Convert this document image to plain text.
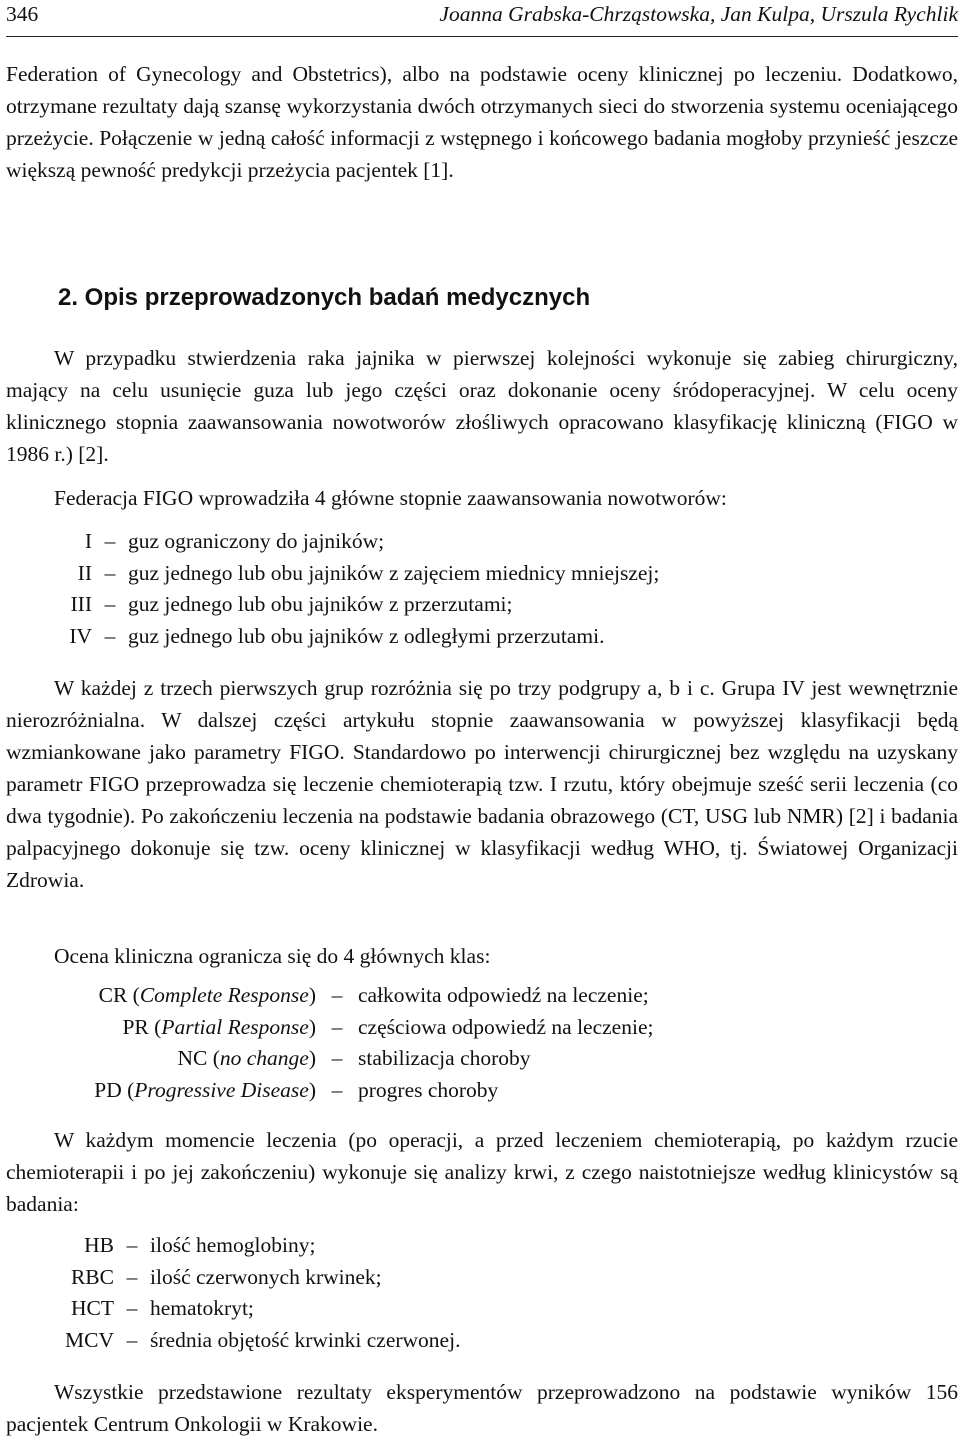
346	Joanna Grabska-Chrząstowska, Jan Kulpa, Urszula Rychlik

Federation of Gynecology and Obstetrics), albo na podstawie oceny klinicznej po leczeniu. Dodatkowo, otrzymane rezultaty dają szansę wykorzystania dwóch otrzymanych sieci do stworzenia systemu oceniającego przeżycie. Połączenie w jedną całość informacji z wstępnego i końcowego badania mogłoby przynieść jeszcze większą pewność predykcji przeżycia pacjentek [1].

2. Opis przeprowadzonych badań medycznych

W przypadku stwierdzenia raka jajnika w pierwszej kolejności wykonuje się zabieg chirurgiczny, mający na celu usunięcie guza lub jego części oraz dokonanie oceny śródoperacyjnej. W celu oceny klinicznego stopnia zaawansowania nowotworów złośliwych opracowano klasyfikację kliniczną (FIGO w 1986 r.) [2].

Federacja FIGO wprowadziła 4 główne stopnie zaawansowania nowotworów:

I – guz ograniczony do jajników;
II – guz jednego lub obu jajników z zajęciem miednicy mniejszej;
III – guz jednego lub obu jajników z przerzutami;
IV – guz jednego lub obu jajników z odległymi przerzutami.

W każdej z trzech pierwszych grup rozróżnia się po trzy podgrupy a, b i c. Grupa IV jest wewnętrznie nierozróżnialna. W dalszej części artykułu stopnie zaawansowania w powyższej klasyfikacji będą wzmiankowane jako parametry FIGO. Standardowo po interwencji chirurgicznej bez względu na uzyskany parametr FIGO przeprowadza się leczenie chemioterapią tzw. I rzutu, który obejmuje sześć serii leczenia (co dwa tygodnie). Po zakończeniu leczenia na podstawie badania obrazowego (CT, USG lub NMR) [2] i badania palpacyjnego dokonuje się tzw. oceny klinicznej w klasyfikacji według WHO, tj. Światowej Organizacji Zdrowia.

Ocena kliniczna ogranicza się do 4 głównych klas:

CR (Complete Response) – całkowita odpowiedź na leczenie;
PR (Partial Response) – częściowa odpowiedź na leczenie;
NC (no change) – stabilizacja choroby
PD (Progressive Disease) – progres choroby

W każdym momencie leczenia (po operacji, a przed leczeniem chemioterapią, po każdym rzucie chemioterapii i po jej zakończeniu) wykonuje się analizy krwi, z czego naistotniejsze według klinicystów są badania:

HB – ilość hemoglobiny;
RBC – ilość czerwonych krwinek;
HCT – hematokryt;
MCV – średnia objętość krwinki czerwonej.

Wszystkie przedstawione rezultaty eksperymentów przeprowadzono na podstawie wyników 156 pacjentek Centrum Onkologii w Krakowie.
